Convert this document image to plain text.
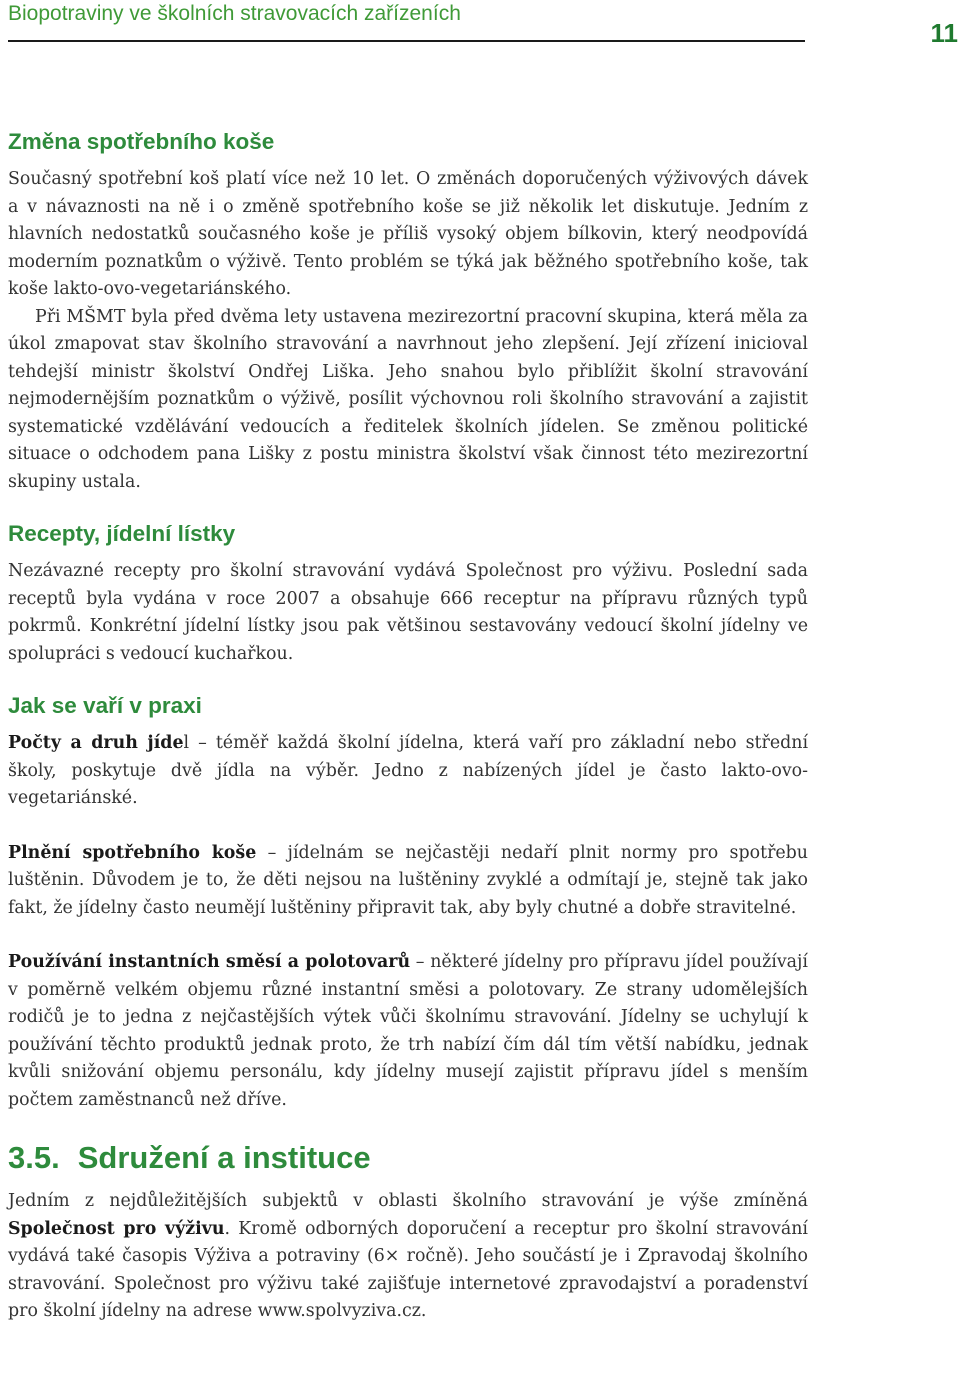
Biopotraviny ve školních stravovacích zařízeních
11
Změna spotřebního koše

Současný spotřební koš platí více než 10 let. O změnách doporučených výživových dávek a v návaznosti na ně i o změně spotřebního koše se již několik let diskutuje. Jedním z hlavních nedostatků současného koše je příliš vysoký objem bílkovin, který neodpovídá moderním poznatkům o výživě. Tento problém se týká jak běžného spotřebního koše, tak koše lakto-ovo-vegetariánského.

Při MŠMT byla před dvěma lety ustavena mezirezortní pracovní skupina, která měla za úkol zmapovat stav školního stravování a navrhnout jeho zlepšení. Její zřízení inicioval tehdejší ministr školství Ondřej Liška. Jeho snahou bylo přiblížit školní stravování nejmodernějším poznatkům o výživě, posílit výchovnou roli školního stravování a zajistit systematické vzdělávání vedoucích a ředitelek školních jídelen. Se změnou politické situace o odchodem pana Lišky z postu ministra školství však činnost této mezirezortní skupiny ustala.

Recepty, jídelní lístky

Nezávazné recepty pro školní stravování vydává Společnost pro výživu. Poslední sada receptů byla vydána v roce 2007 a obsahuje 666 receptur na přípravu různých typů pokrmů. Konkrétní jídelní lístky jsou pak většinou sestavovány vedoucí školní jídelny ve spolupráci s vedoucí kuchařkou.

Jak se vaří v praxi

Počty a druh jídel – téměř každá školní jídelna, která vaří pro základní nebo střední školy, poskytuje dvě jídla na výběr. Jedno z nabízených jídel je často lakto-ovo-vegetariánské.

Plnění spotřebního koše – jídelnám se nejčastěji nedaří plnit normy pro spotřebu luštěnin. Důvodem je to, že děti nejsou na luštěniny zvyklé a odmítají je, stejně tak jako fakt, že jídelny často neumějí luštěniny připravit tak, aby byly chutné a dobře stravitelné.

Používání instantních směsí a polotovarů – některé jídelny pro přípravu jídel používají v poměrně velkém objemu různé instantní směsi a polotovary. Ze strany udomělejších rodičů je to jedna z nejčastějších výtek vůči školnímu stravování. Jídelny se uchylují k používání těchto produktů jednak proto, že trh nabízí čím dál tím větší nabídku, jednak kvůli snižování objemu personálu, kdy jídelny musejí zajistit přípravu jídel s menším počtem zaměstnanců než dříve.

3.5. Sdružení a instituce

Jedním z nejdůležitějších subjektů v oblasti školního stravování je výše zmíněná Společnost pro výživu. Kromě odborných doporučení a receptur pro školní stravování vydává také časopis Výživa a potraviny (6× ročně). Jeho součástí je i Zpravodaj školního stravování. Společnost pro výživu také zajišťuje internetové zpravodajství a poradenství pro školní jídelny na adrese www.spolvyziva.cz.
